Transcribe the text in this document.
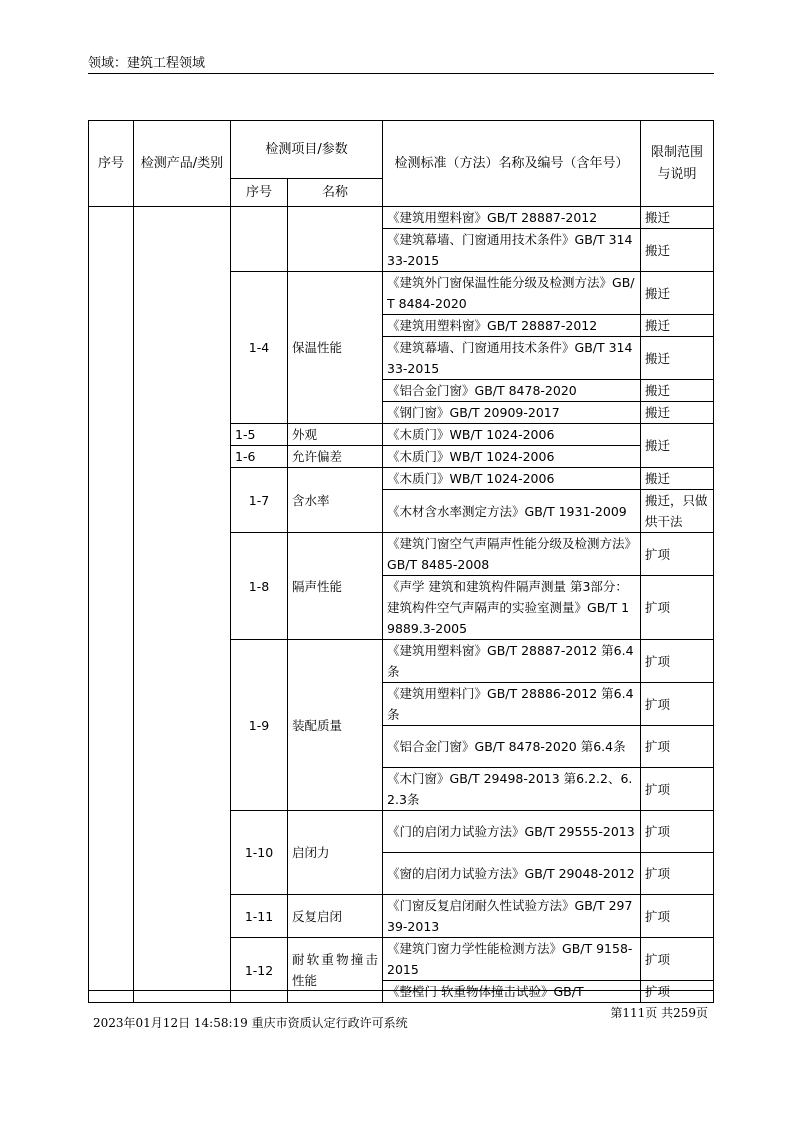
领域：建筑工程领域
序号	检测产品/类别	检测项目/参数		检测标准（方法）名称及编号（含年号）	限制范围与说明
		序号	名称		
				《建筑用塑料窗》GB/T 28887-2012	搬迁
				《建筑幕墙、门窗通用技术条件》GB/T 31433-2015	搬迁

		1-4	保温性能	《建筑外门窗保温性能分级及检测方法》GB/T 8484-2020	搬迁
				《建筑用塑料窗》GB/T 28887-2012	搬迁
				《建筑幕墙、门窗通用技术条件》GB/T 31433-2015	搬迁
				《铝合金门窗》GB/T 8478-2020	搬迁
				《钢门窗》GB/T 20909-2017	搬迁
		1-5	外观	《木质门》WB/T 1024-2006	搬迁
		1-6	允许偏差	《木质门》WB/T 1024-2006	
		1-7	含水率	《木质门》WB/T 1024-2006	搬迁
				《木材含水率测定方法》GB/T 1931-2009	搬迁，只做烘干法
		1-8	隔声性能	《建筑门窗空气声隔声性能分级及检测方法》GB/T 8485-2008	扩项
				《声学 建筑和建筑构件隔声测量 第3部分：建筑构件空气声隔声的实验室测量》GB/T 19889.3-2005	扩项
		1-9	装配质量	《建筑用塑料窗》GB/T 28887-2012 第6.4条	扩项
				《建筑用塑料门》GB/T 28886-2012 第6.4条	扩项
				《铝合金门窗》GB/T 8478-2020 第6.4条	扩项
				《木门窗》GB/T 29498-2013 第6.2.2、6.2.3条	扩项
		1-10	启闭力	《门的启闭力试验方法》GB/T 29555-2013	扩项
				《窗的启闭力试验方法》GB/T 29048-2012	扩项
		1-11	反复启闭	《门窗反复启闭耐久性试验方法》GB/T 29739-2013	扩项
		1-12	耐软重物撞击性能	《建筑门窗力学性能检测方法》GB/T 9158-2015	扩项
				《整樘门 软重物体撞击试验》GB/T	扩项
2023年01月12日 14:58:19 重庆市资质认定行政许可系统
第111页 共259页
